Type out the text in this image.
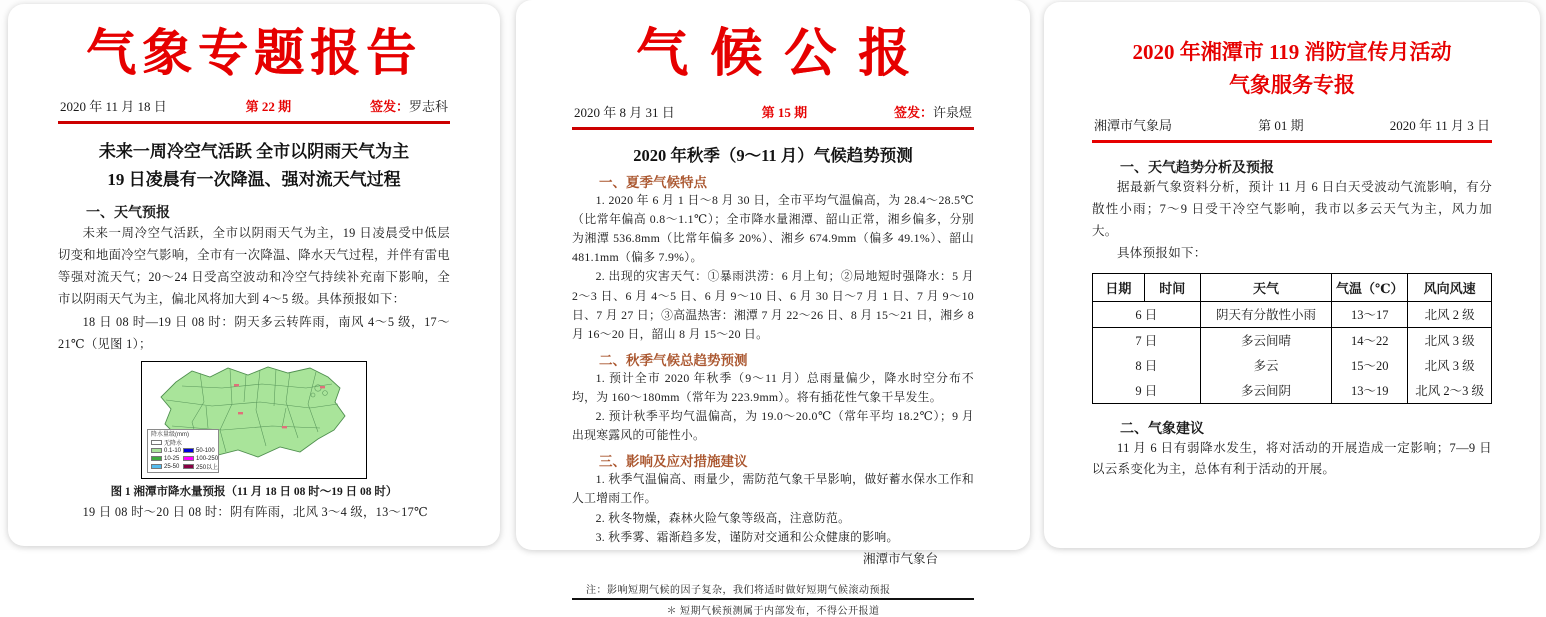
气象专题报告
2020 年 11 月 18 日	第 22 期	签发：罗志科
未来一周冷空气活跃 全市以阴雨天气为主
19 日凌晨有一次降温、强对流天气过程
一、天气预报
未来一周冷空气活跃，全市以阴雨天气为主，19 日凌晨受中低层切变和地面冷空气影响，全市有一次降温、降水天气过程，并伴有雷电等强对流天气；20～24 日受高空波动和冷空气持续补充南下影响，全市以阴雨天气为主，偏北风将加大到 4～5 级。具体预报如下：
18 日 08 时—19 日 08 时：阴天多云转阵雨，南风 4～5 级，17～21℃（见图 1）；
降水量级(mm)
无降水
0.1-10	50-100
10-25	100-250
25-50	250以上
图 1 湘潭市降水量预报（11 月 18 日 08 时～19 日 08 时）
19 日 08 时～20 日 08 时：阴有阵雨，北风 3～4 级，13～17℃
气候公报
2020 年 8 月 31 日	第 15 期	签发：许泉煜
2020 年秋季（9～11 月）气候趋势预测
一、夏季气候特点
1. 2020 年 6 月 1 日～8 月 30 日，全市平均气温偏高，为 28.4～28.5℃（比常年偏高 0.8～1.1℃）；全市降水量湘潭、韶山正常，湘乡偏多，分别为湘潭 536.8mm（比常年偏多 20%）、湘乡 674.9mm（偏多 49.1%）、韶山 481.1mm（偏多 7.9%）。
2. 出现的灾害天气：①暴雨洪涝：6 月上旬；②局地短时强降水：5 月 2～3 日、6 月 4～5 日、6 月 9～10 日、6 月 30 日～7 月 1 日、7 月 9～10 日、7 月 27 日；③高温热害：湘潭 7 月 22～26 日、8 月 15～21 日，湘乡 8 月 16～20 日，韶山 8 月 15～20 日。
二、秋季气候总趋势预测
1. 预计全市 2020 年秋季（9～11 月）总雨量偏少，降水时空分布不均，为 160～180mm（常年为 223.9mm）。将有插花性气象干旱发生。
2. 预计秋季平均气温偏高，为 19.0～20.0℃（常年平均 18.2℃）；9 月出现寒露风的可能性小。
三、影响及应对措施建议
1. 秋季气温偏高、雨量少，需防范气象干旱影响，做好蓄水保水工作和人工增雨工作。
2. 秋冬物燥，森林火险气象等级高，注意防范。
3. 秋季雾、霜渐趋多发，谨防对交通和公众健康的影响。
湘潭市气象台
注：影响短期气候的因子复杂，我们将适时做好短期气候滚动预报
＊ 短期气候预测属于内部发布，不得公开报道
2020 年湘潭市 119 消防宣传月活动
气象服务专报
湘潭市气象局	第 01 期	2020 年 11 月 3 日
一、天气趋势分析及预报
据最新气象资料分析，预计 11 月 6 日白天受波动气流影响，有分散性小雨；7～9 日受干冷空气影响，我市以多云天气为主，风力加大。
具体预报如下：
日期	时间	天气	气温（℃）	风向风速
6 日		阴天有分散性小雨	13～17	北风 2 级
7 日		多云间晴	14～22	北风 3 级
8 日		多云	15～20	北风 3 级
9 日		多云间阴	13～19	北风 2～3 级
二、气象建议
11 月 6 日有弱降水发生，将对活动的开展造成一定影响；7—9 日以云系变化为主，总体有利于活动的开展。
